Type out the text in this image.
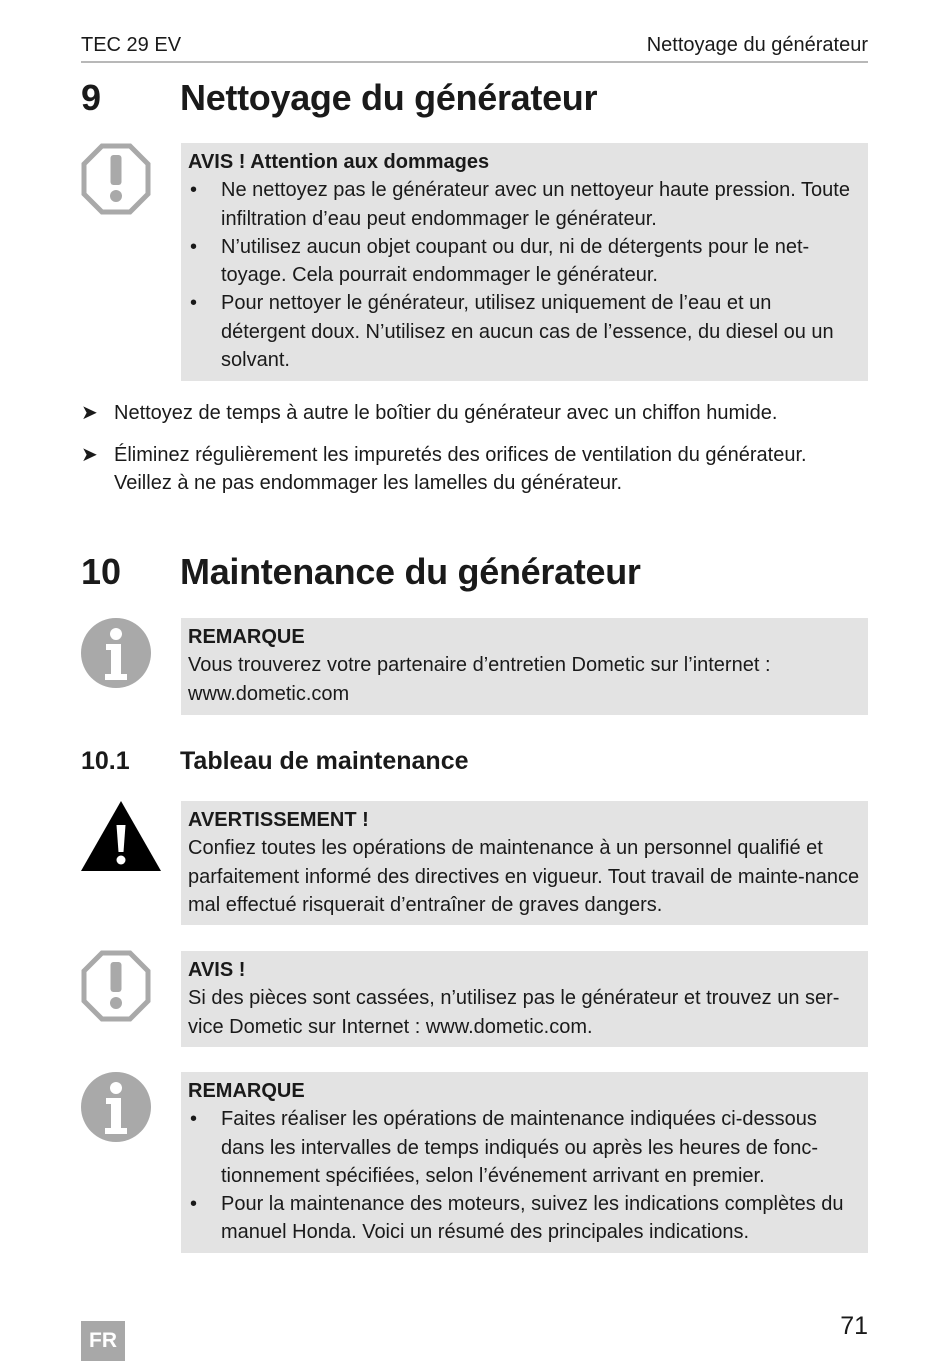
TEC 29 EV	Nettoyage du générateur
9 Nettoyage du générateur
AVIS ! Attention aux dommages
• Ne nettoyez pas le générateur avec un nettoyeur haute pression. Toute infiltration d’eau peut endommager le générateur.
• N’utilisez aucun objet coupant ou dur, ni de détergents pour le net-toyage. Cela pourrait endommager le générateur.
• Pour nettoyer le générateur, utilisez uniquement de l’eau et un détergent doux. N’utilisez en aucun cas de l’essence, du diesel ou un solvant.
➤ Nettoyez de temps à autre le boîtier du générateur avec un chiffon humide.
➤ Éliminez régulièrement les impuretés des orifices de ventilation du générateur. Veillez à ne pas endommager les lamelles du générateur.
10 Maintenance du générateur
REMARQUE
Vous trouverez votre partenaire d’entretien Dometic sur l’internet : www.dometic.com
10.1 Tableau de maintenance
AVERTISSEMENT !
Confiez toutes les opérations de maintenance à un personnel qualifié et parfaitement informé des directives en vigueur. Tout travail de mainte-nance mal effectué risquerait d’entraîner de graves dangers.
AVIS !
Si des pièces sont cassées, n’utilisez pas le générateur et trouvez un ser-vice Dometic sur Internet : www.dometic.com.
REMARQUE
• Faites réaliser les opérations de maintenance indiquées ci-dessous dans les intervalles de temps indiqués ou après les heures de fonc-tionnement spécifiées, selon l’événement arrivant en premier.
• Pour la maintenance des moteurs, suivez les indications complètes du manuel Honda. Voici un résumé des principales indications.
FR
71
